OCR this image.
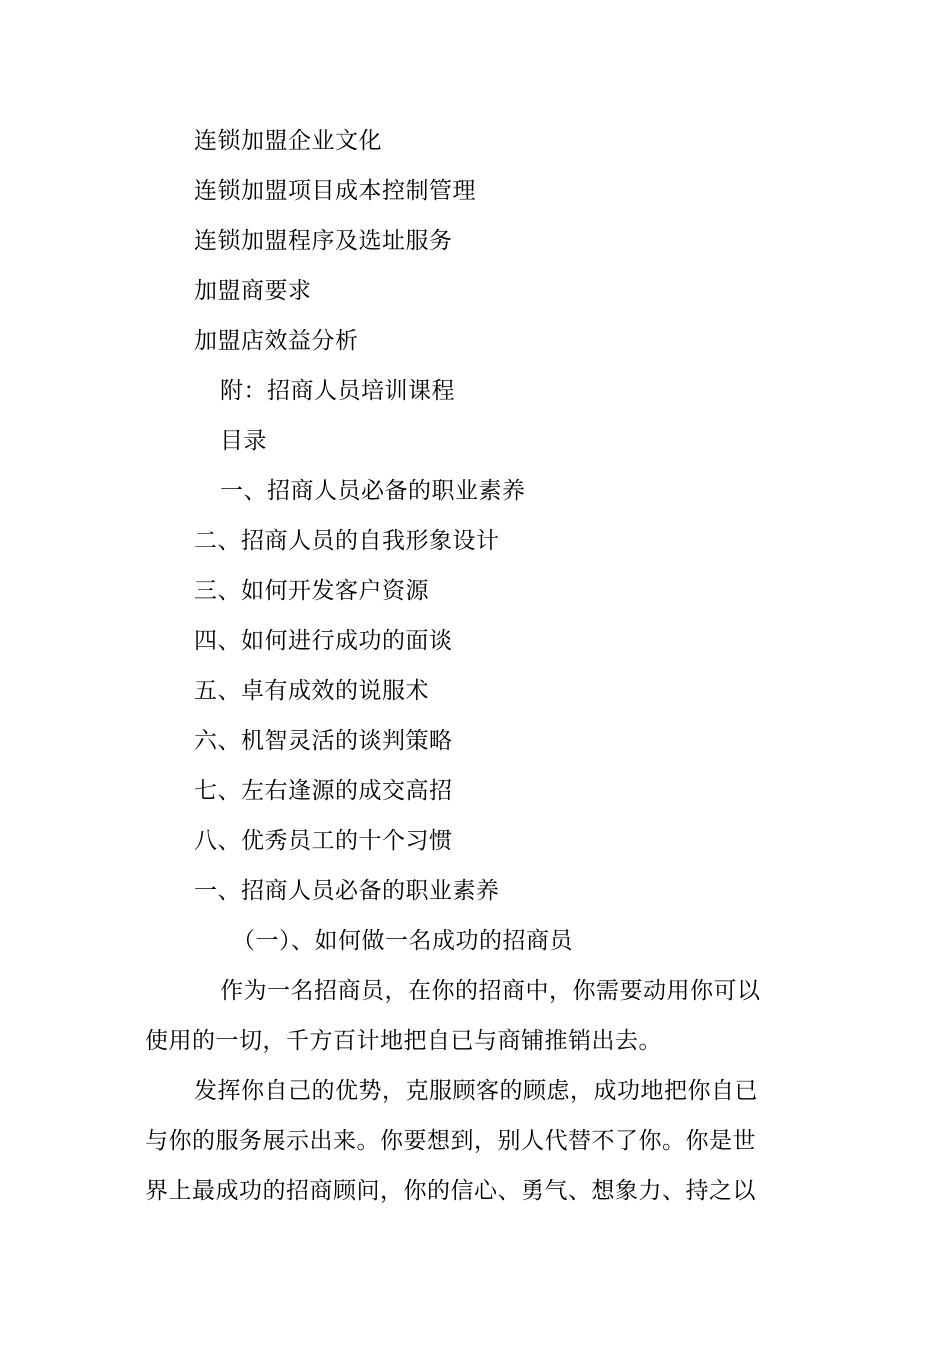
连锁加盟企业文化
连锁加盟项目成本控制管理
连锁加盟程序及选址服务
加盟商要求
加盟店效益分析
附：招商人员培训课程
目录
一、招商人员必备的职业素养
二、招商人员的自我形象设计
三、如何开发客户资源
四、如何进行成功的面谈
五、卓有成效的说服术
六、机智灵活的谈判策略
七、左右逢源的成交高招
八、优秀员工的十个习惯
一、招商人员必备的职业素养
（一）、如何做一名成功的招商员
作为一名招商员，在你的招商中，你需要动用你可以
使用的一切，千方百计地把自已与商铺推销出去。
发挥你自己的优势，克服顾客的顾虑，成功地把你自已
与你的服务展示出来。你要想到，别人代替不了你。你是世
界上最成功的招商顾问，你的信心、勇气、想象力、持之以
